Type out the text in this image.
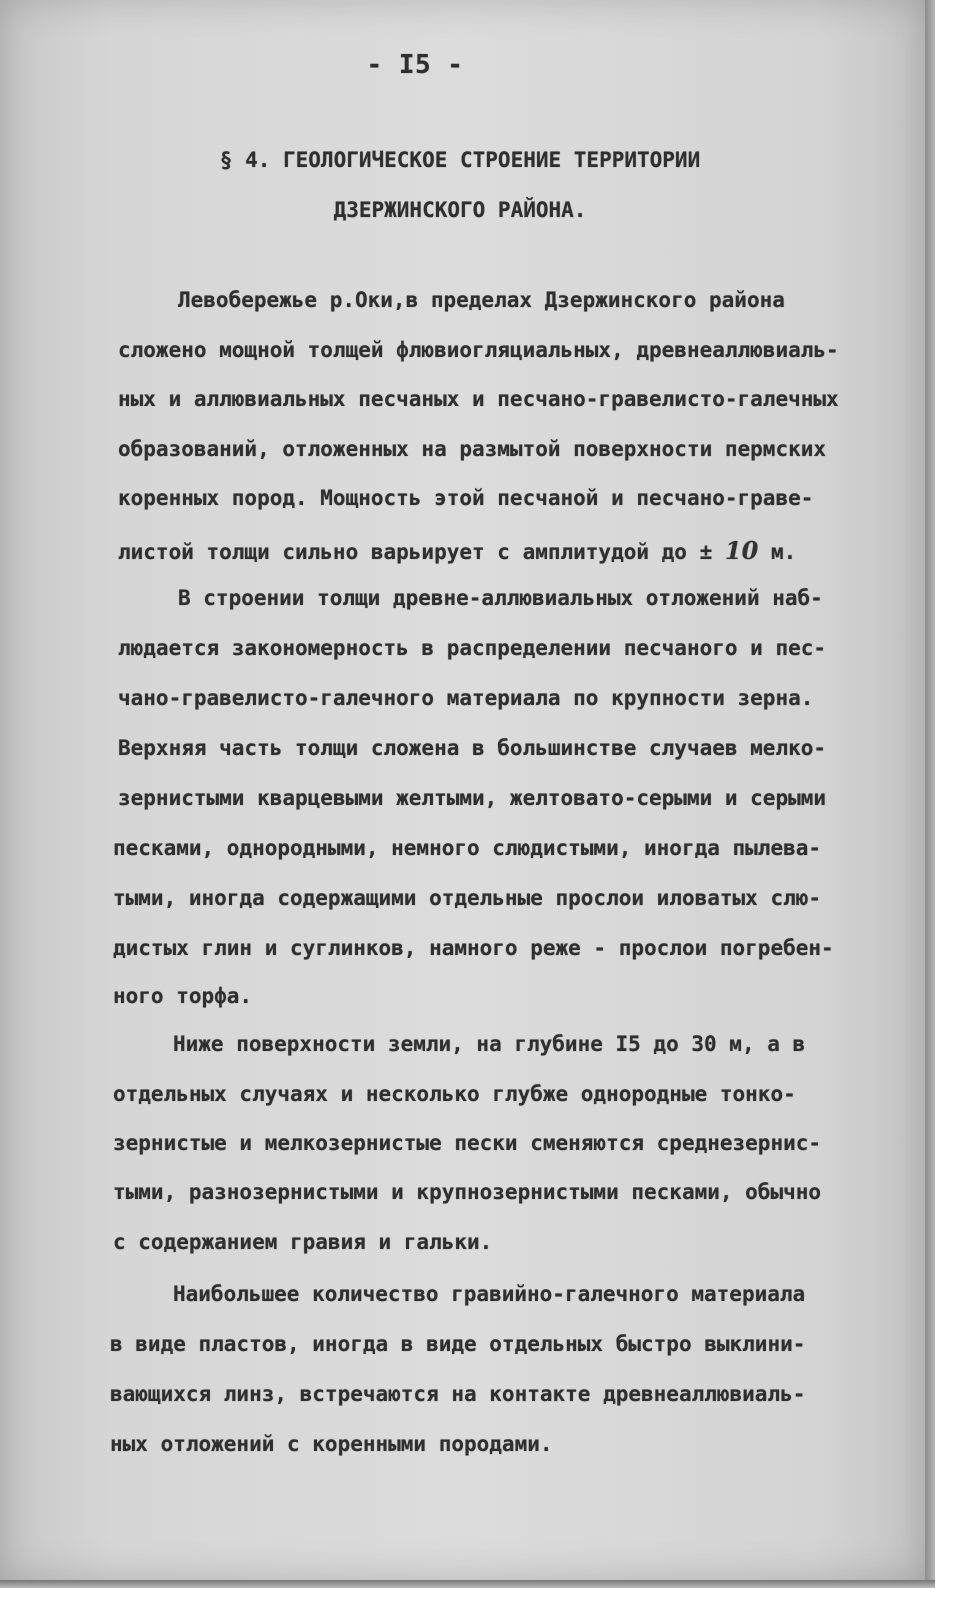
- I5 -
§ 4. ГЕОЛОГИЧЕСКОЕ СТРОЕНИЕ ТЕРРИТОРИИ
ДЗЕРЖИНСКОГО РАЙОНА.
Левобережье р.Оки,в пределах Дзержинского района
сложено мощной толщей флювиогляциальных, древнеаллювиаль-
ных и аллювиальных песчаных и песчано-гравелисто-галечных
образований, отложенных на размытой поверхности пермских
коренных пород. Мощность этой песчаной и песчано-граве-
листой толщи сильно варьирует с амплитудой до ± 10 м.
В строении толщи древне-аллювиальных отложений наб-
людается закономерность в распределении песчаного и пес-
чано-гравелисто-галечного материала по крупности зерна.
Верхняя часть толщи сложена в большинстве случаев мелко-
зернистыми кварцевыми желтыми, желтовато-серыми и серыми
песками, однородными, немного слюдистыми, иногда пылева-
тыми, иногда содержащими отдельные прослои иловатых слю-
дистых глин и суглинков, намного реже - прослои погребен-
ного торфа.
Ниже поверхности земли, на глубине I5 до 30 м, а в
отдельных случаях и несколько глубже однородные тонко-
зернистые и мелкозернистые пески сменяются среднезернис-
тыми, разнозернистыми и крупнозернистыми песками, обычно
с содержанием гравия и гальки.
Наибольшее количество гравийно-галечного материала
в виде пластов, иногда в виде отдельных быстро выклини-
вающихся линз, встречаются на контакте древнеаллювиаль-
ных отложений с коренными породами.
